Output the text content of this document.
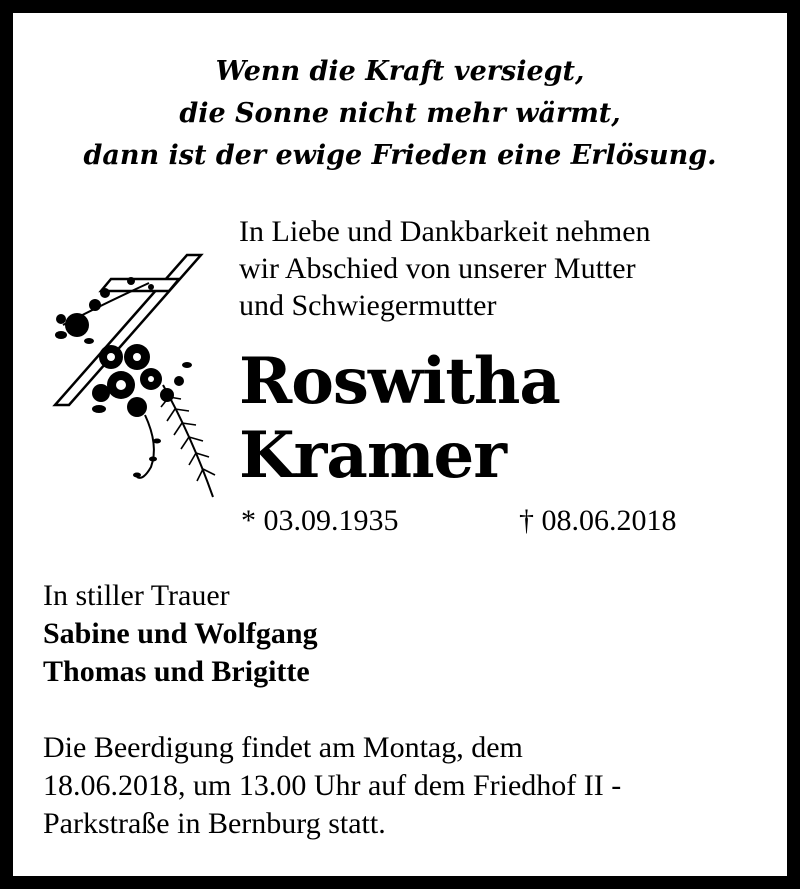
Wenn die Kraft versiegt,
die Sonne nicht mehr wärmt,
dann ist der ewige Frieden eine Erlösung.
In Liebe und Dankbarkeit nehmen
wir Abschied von unserer Mutter
und Schwiegermutter
Roswitha
Kramer
* 03.09.1935	† 08.06.2018
In stiller Trauer
Sabine und Wolfgang
Thomas und Brigitte
Die Beerdigung findet am Montag, dem
18.06.2018, um 13.00 Uhr auf dem Friedhof II -
Parkstraße in Bernburg statt.
